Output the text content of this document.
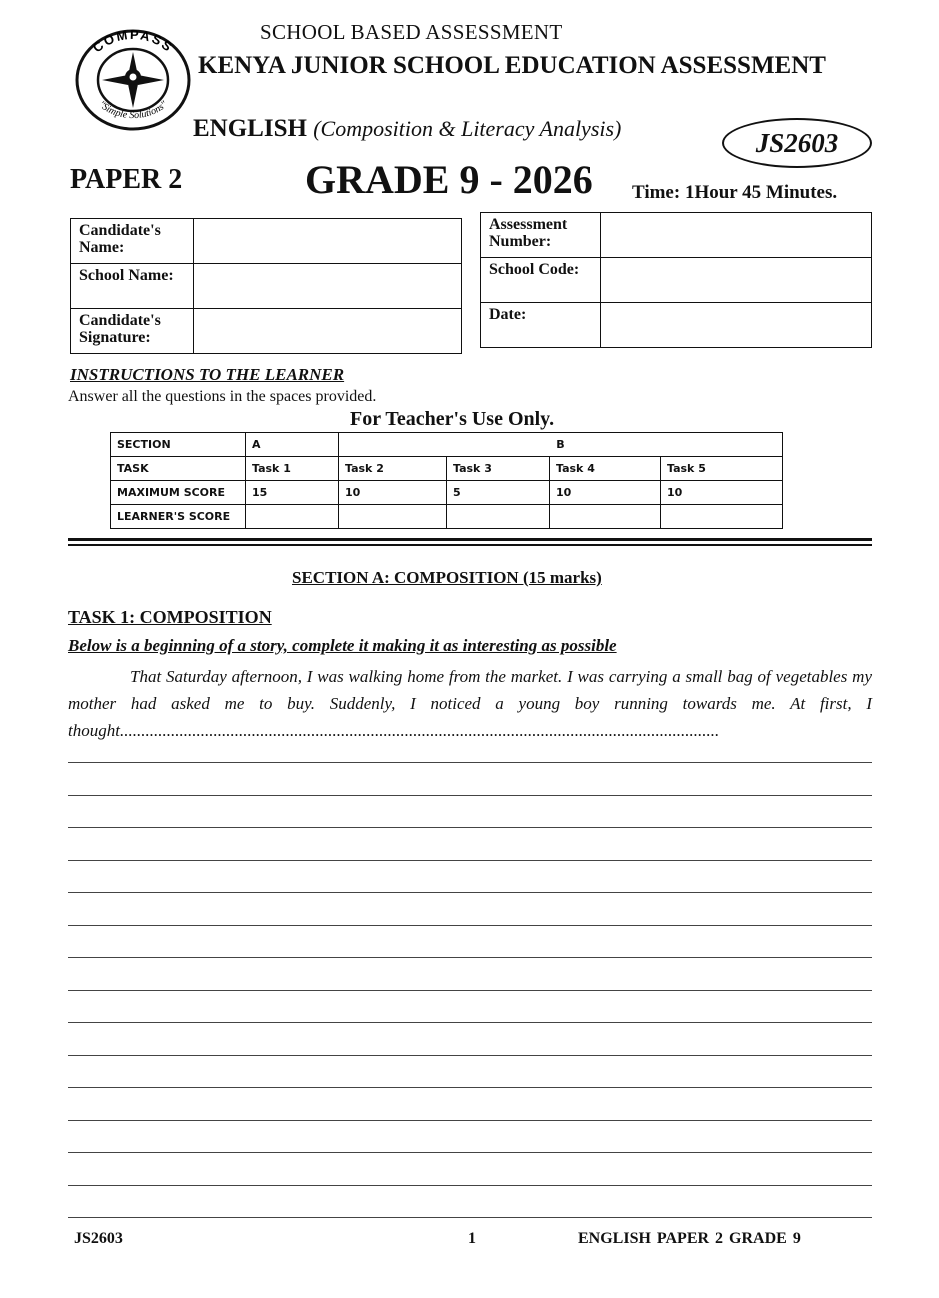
COMPASS
"Simple Solutions"
SCHOOL BASED ASSESSMENT
KENYA JUNIOR SCHOOL EDUCATION ASSESSMENT
ENGLISH (Composition & Literacy Analysis)	JS2603
PAPER 2	GRADE 9 - 2026 Time: 1Hour 45 Minutes.
Candidate's Name:	
School Name:	
Candidate's Signature:	
Assessment Number:	
School Code:	
Date:	
INSTRUCTIONS TO THE LEARNER
Answer all the questions in the spaces provided.
For Teacher's Use Only.
SECTION	A	B			
TASK	Task 1	Task 2	Task 3	Task 4	Task 5
MAXIMUM SCORE	15	10	5	10	10
LEARNER'S SCORE					
SECTION A: COMPOSITION (15 marks)
TASK 1: COMPOSITION
Below is a beginning of a story, complete it making it as interesting as possible
That Saturday afternoon, I was walking home from the market. I was carrying a small bag of vegetables my mother had asked me to buy. Suddenly, I noticed a young boy running towards me. At first, I thought.............................................................................................................................................
JS2603	1	ENGLISH PAPER 2 GRADE 9
